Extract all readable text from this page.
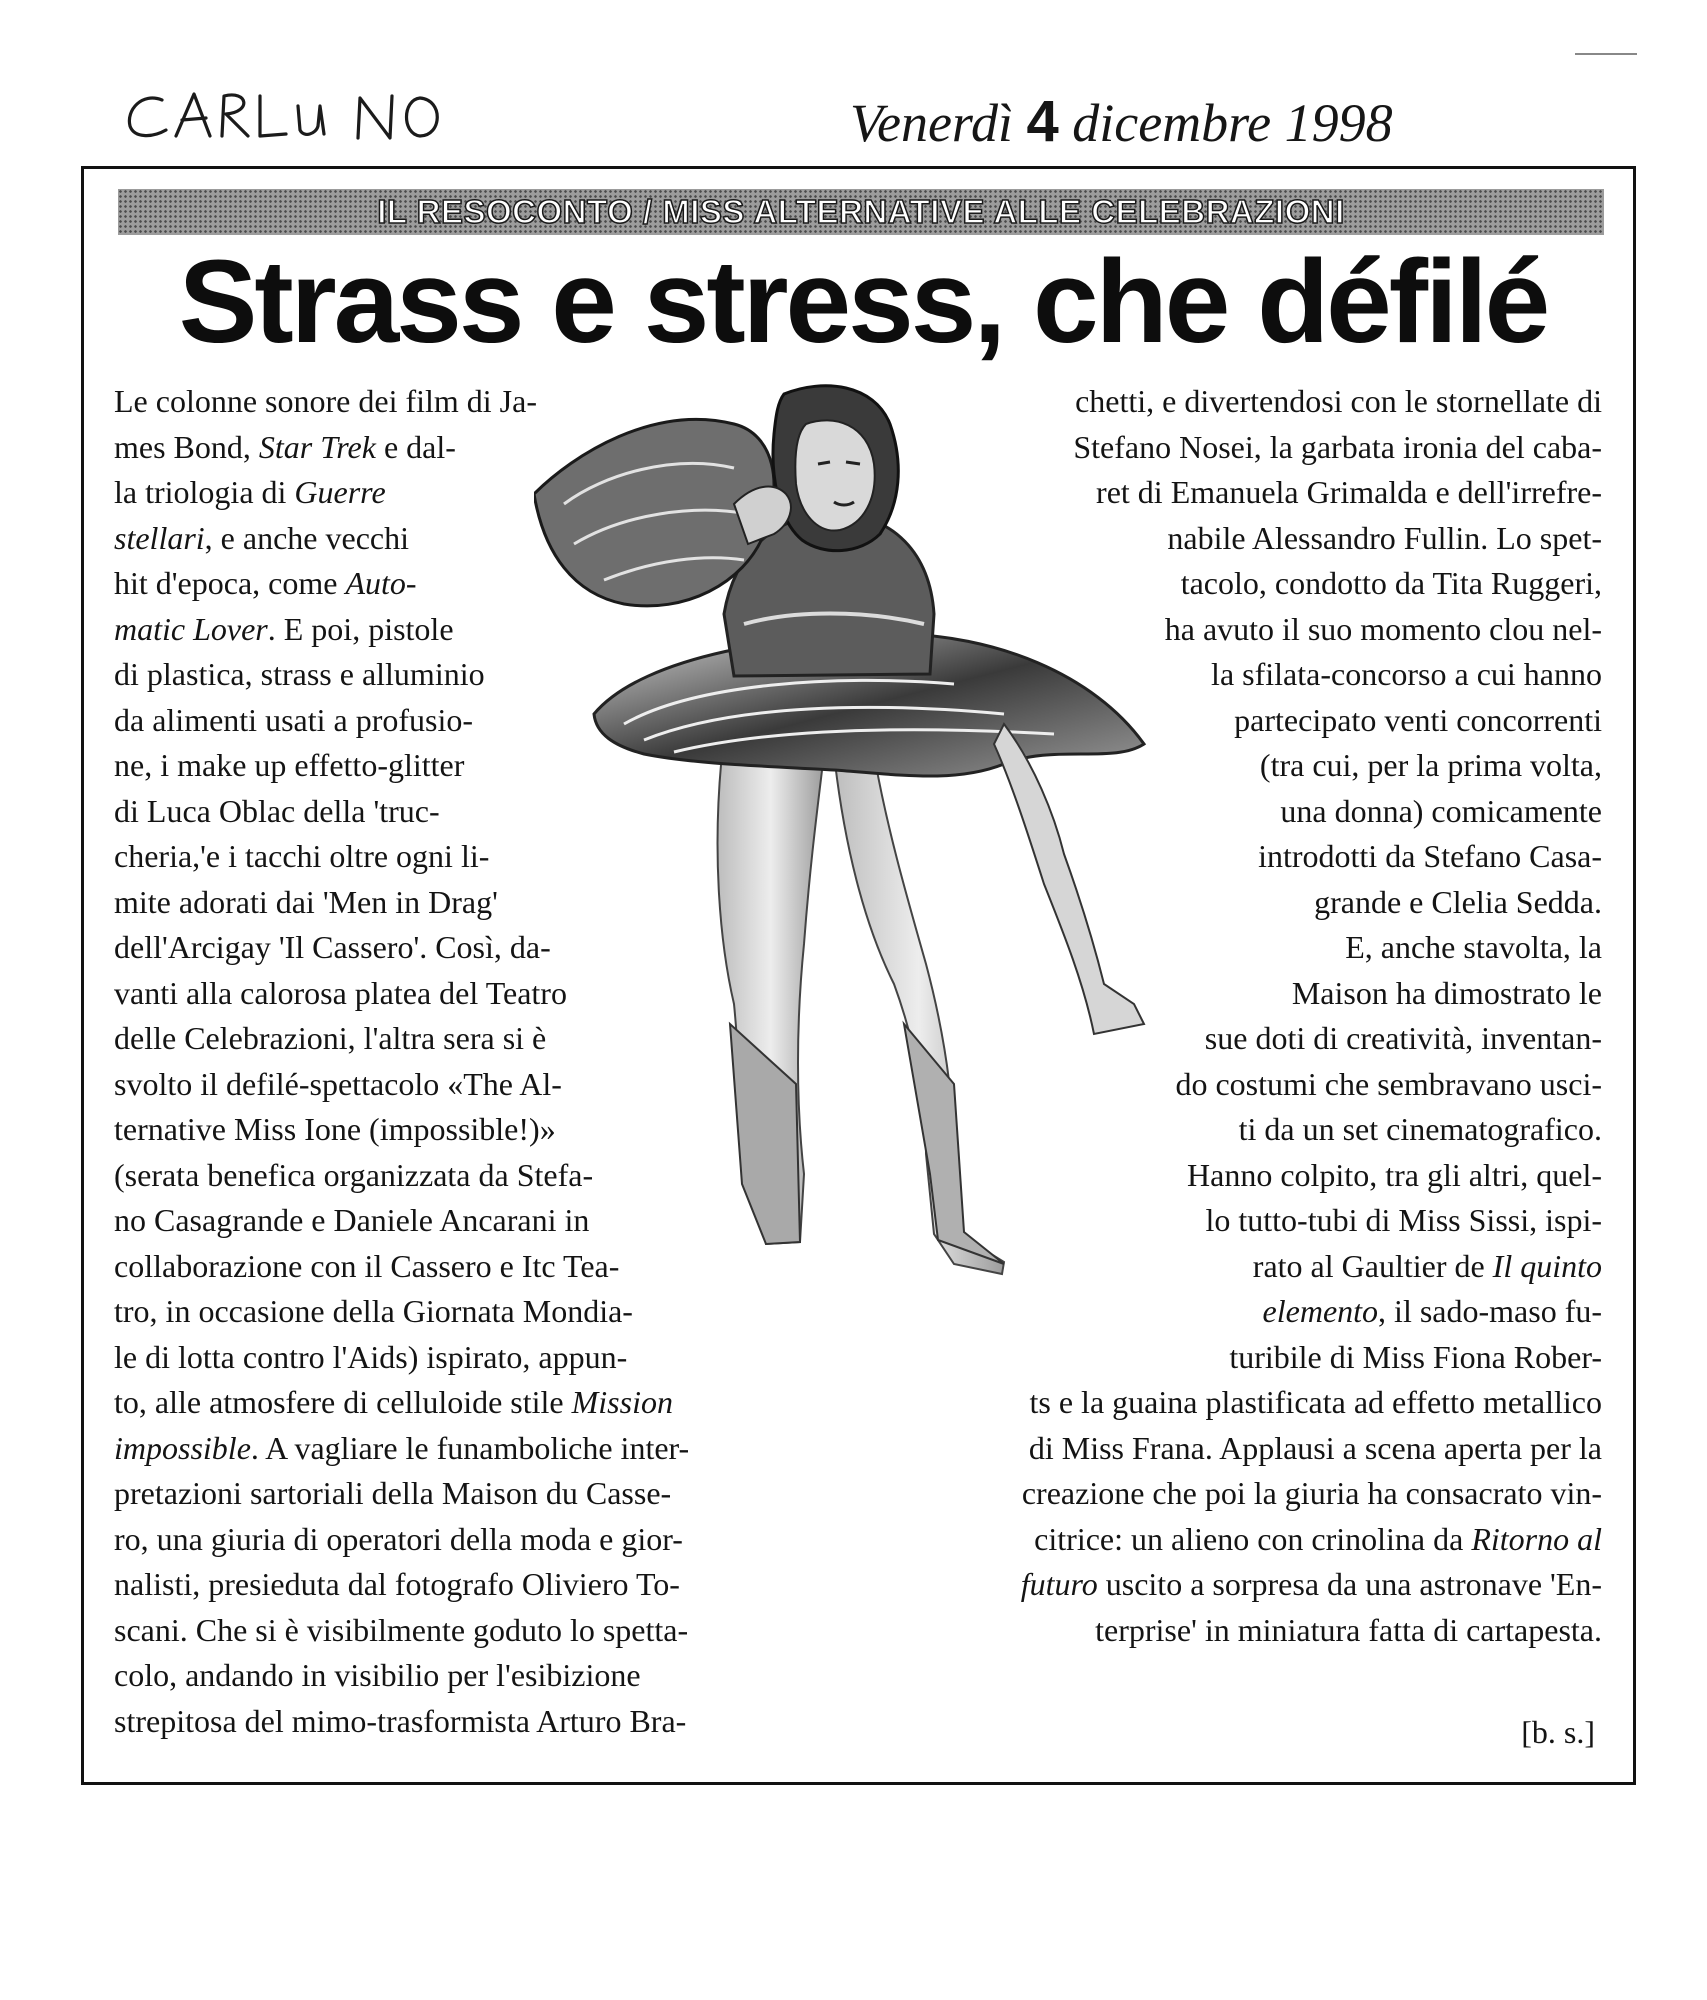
Venerdì 4 dicembre 1998
IL RESOCONTO / MISS ALTERNATIVE ALLE CELEBRAZIONI
Strass e stress, che défilé

Le colonne sonore dei film di Ja-
mes Bond, Star Trek e dal-
la triologia di Guerre
stellari, e anche vecchi
hit d'epoca, come Auto-
matic Lover. E poi, pistole
di plastica, strass e alluminio
da alimenti usati a profusio-
ne, i make up effetto-glitter
di Luca Oblac della 'truc-
cheria,'e i tacchi oltre ogni li-
mite adorati dai 'Men in Drag'
dell'Arcigay 'Il Cassero'. Così, da-
vanti alla calorosa platea del Teatro
delle Celebrazioni, l'altra sera si è
svolto il defilé-spettacolo «The Al-
ternative Miss Ione (impossible!)»
(serata benefica organizzata da Stefa-
no Casagrande e Daniele Ancarani in
collaborazione con il Cassero e Itc Tea-
tro, in occasione della Giornata Mondia-
le di lotta contro l'Aids) ispirato, appun-
to, alle atmosfere di celluloide stile Mission
impossible. A vagliare le funamboliche inter-
pretazioni sartoriali della Maison du Casse-
ro, una giuria di operatori della moda e gior-
nalisti, presieduta dal fotografo Oliviero To-
scani. Che si è visibilmente goduto lo spetta-
colo, andando in visibilio per l'esibizione
strepitosa del mimo-trasformista Arturo Bra-

chetti, e divertendosi con le stornellate di
Stefano Nosei, la garbata ironia del caba-
ret di Emanuela Grimalda e dell'irrefre-
nabile Alessandro Fullin. Lo spet-
tacolo, condotto da Tita Ruggeri,
ha avuto il suo momento clou nel-
la sfilata-concorso a cui hanno
partecipato venti concorrenti
(tra cui, per la prima volta,
una donna) comicamente
introdotti da Stefano Casa-
grande e Clelia Sedda.
E, anche stavolta, la
Maison ha dimostrato le
sue doti di creatività, inventan-
do costumi che sembravano usci-
ti da un set cinematografico.
Hanno colpito, tra gli altri, quel-
lo tutto-tubi di Miss Sissi, ispi-
rato al Gaultier de Il quinto
elemento, il sado-maso fu-
turibile di Miss Fiona Rober-
ts e la guaina plastificata ad effetto metallico
di Miss Frana. Applausi a scena aperta per la
creazione che poi la giuria ha consacrato vin-
citrice: un alieno con crinolina da Ritorno al
futuro uscito a sorpresa da una astronave 'En-
terprise' in miniatura fatta di cartapesta.

[b. s.]
